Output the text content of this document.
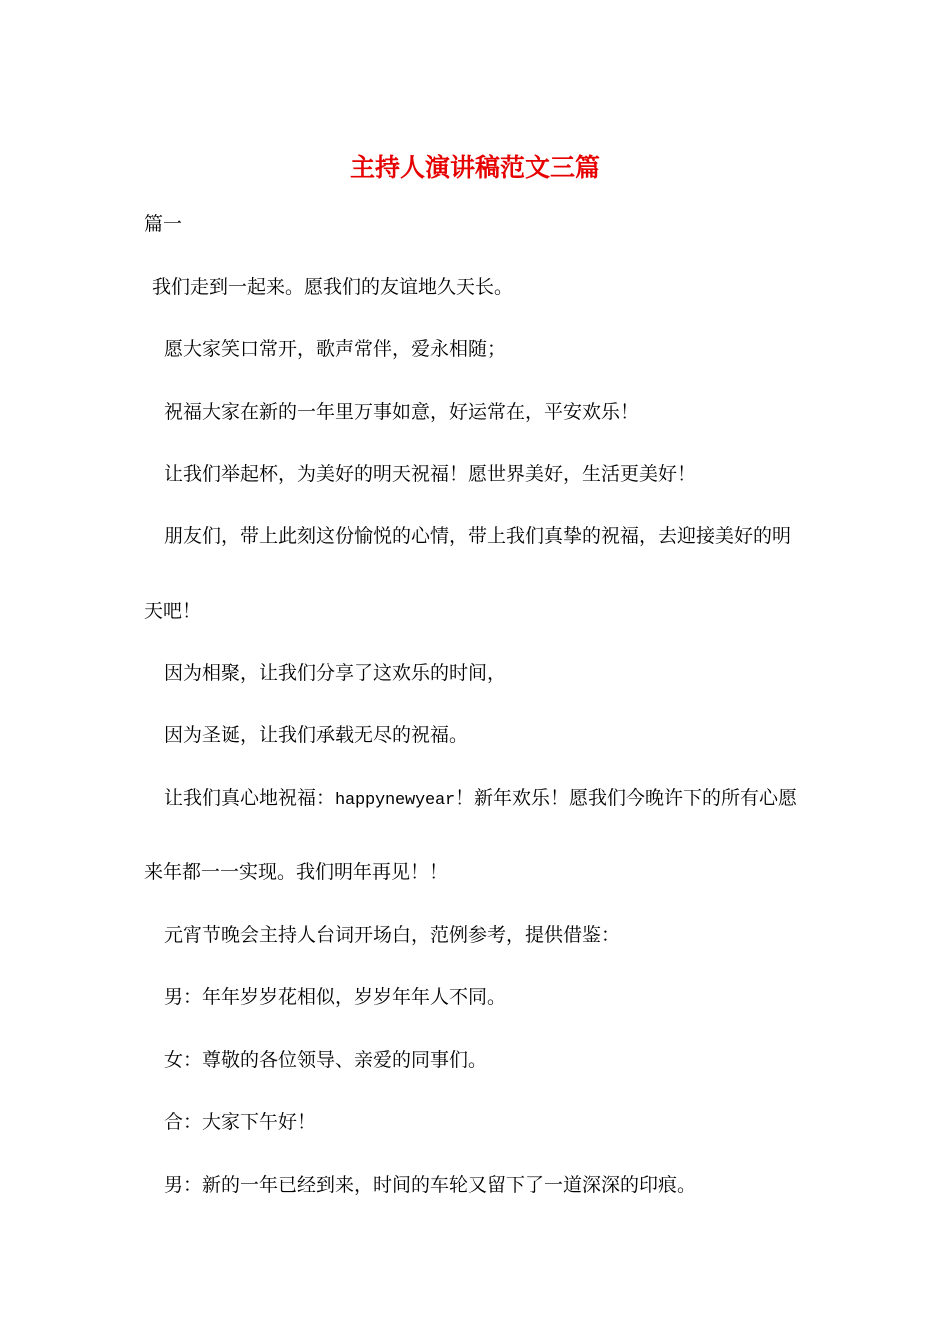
主持人演讲稿范文三篇

篇一

我们走到一起来。愿我们的友谊地久天长。

愿大家笑口常开，歌声常伴，爱永相随；

祝福大家在新的一年里万事如意，好运常在，平安欢乐！

让我们举起杯，为美好的明天祝福！愿世界美好，生活更美好！

朋友们，带上此刻这份愉悦的心情，带上我们真挚的祝福，去迎接美好的明

天吧！

因为相聚，让我们分享了这欢乐的时间，

因为圣诞，让我们承载无尽的祝福。

让我们真心地祝福：happynewyear！新年欢乐！愿我们今晚许下的所有心愿

来年都一一实现。我们明年再见！！

元宵节晚会主持人台词开场白，范例参考，提供借鉴：

男：年年岁岁花相似，岁岁年年人不同。

女：尊敬的各位领导、亲爱的同事们。

合：大家下午好！

男：新的一年已经到来，时间的车轮又留下了一道深深的印痕。
